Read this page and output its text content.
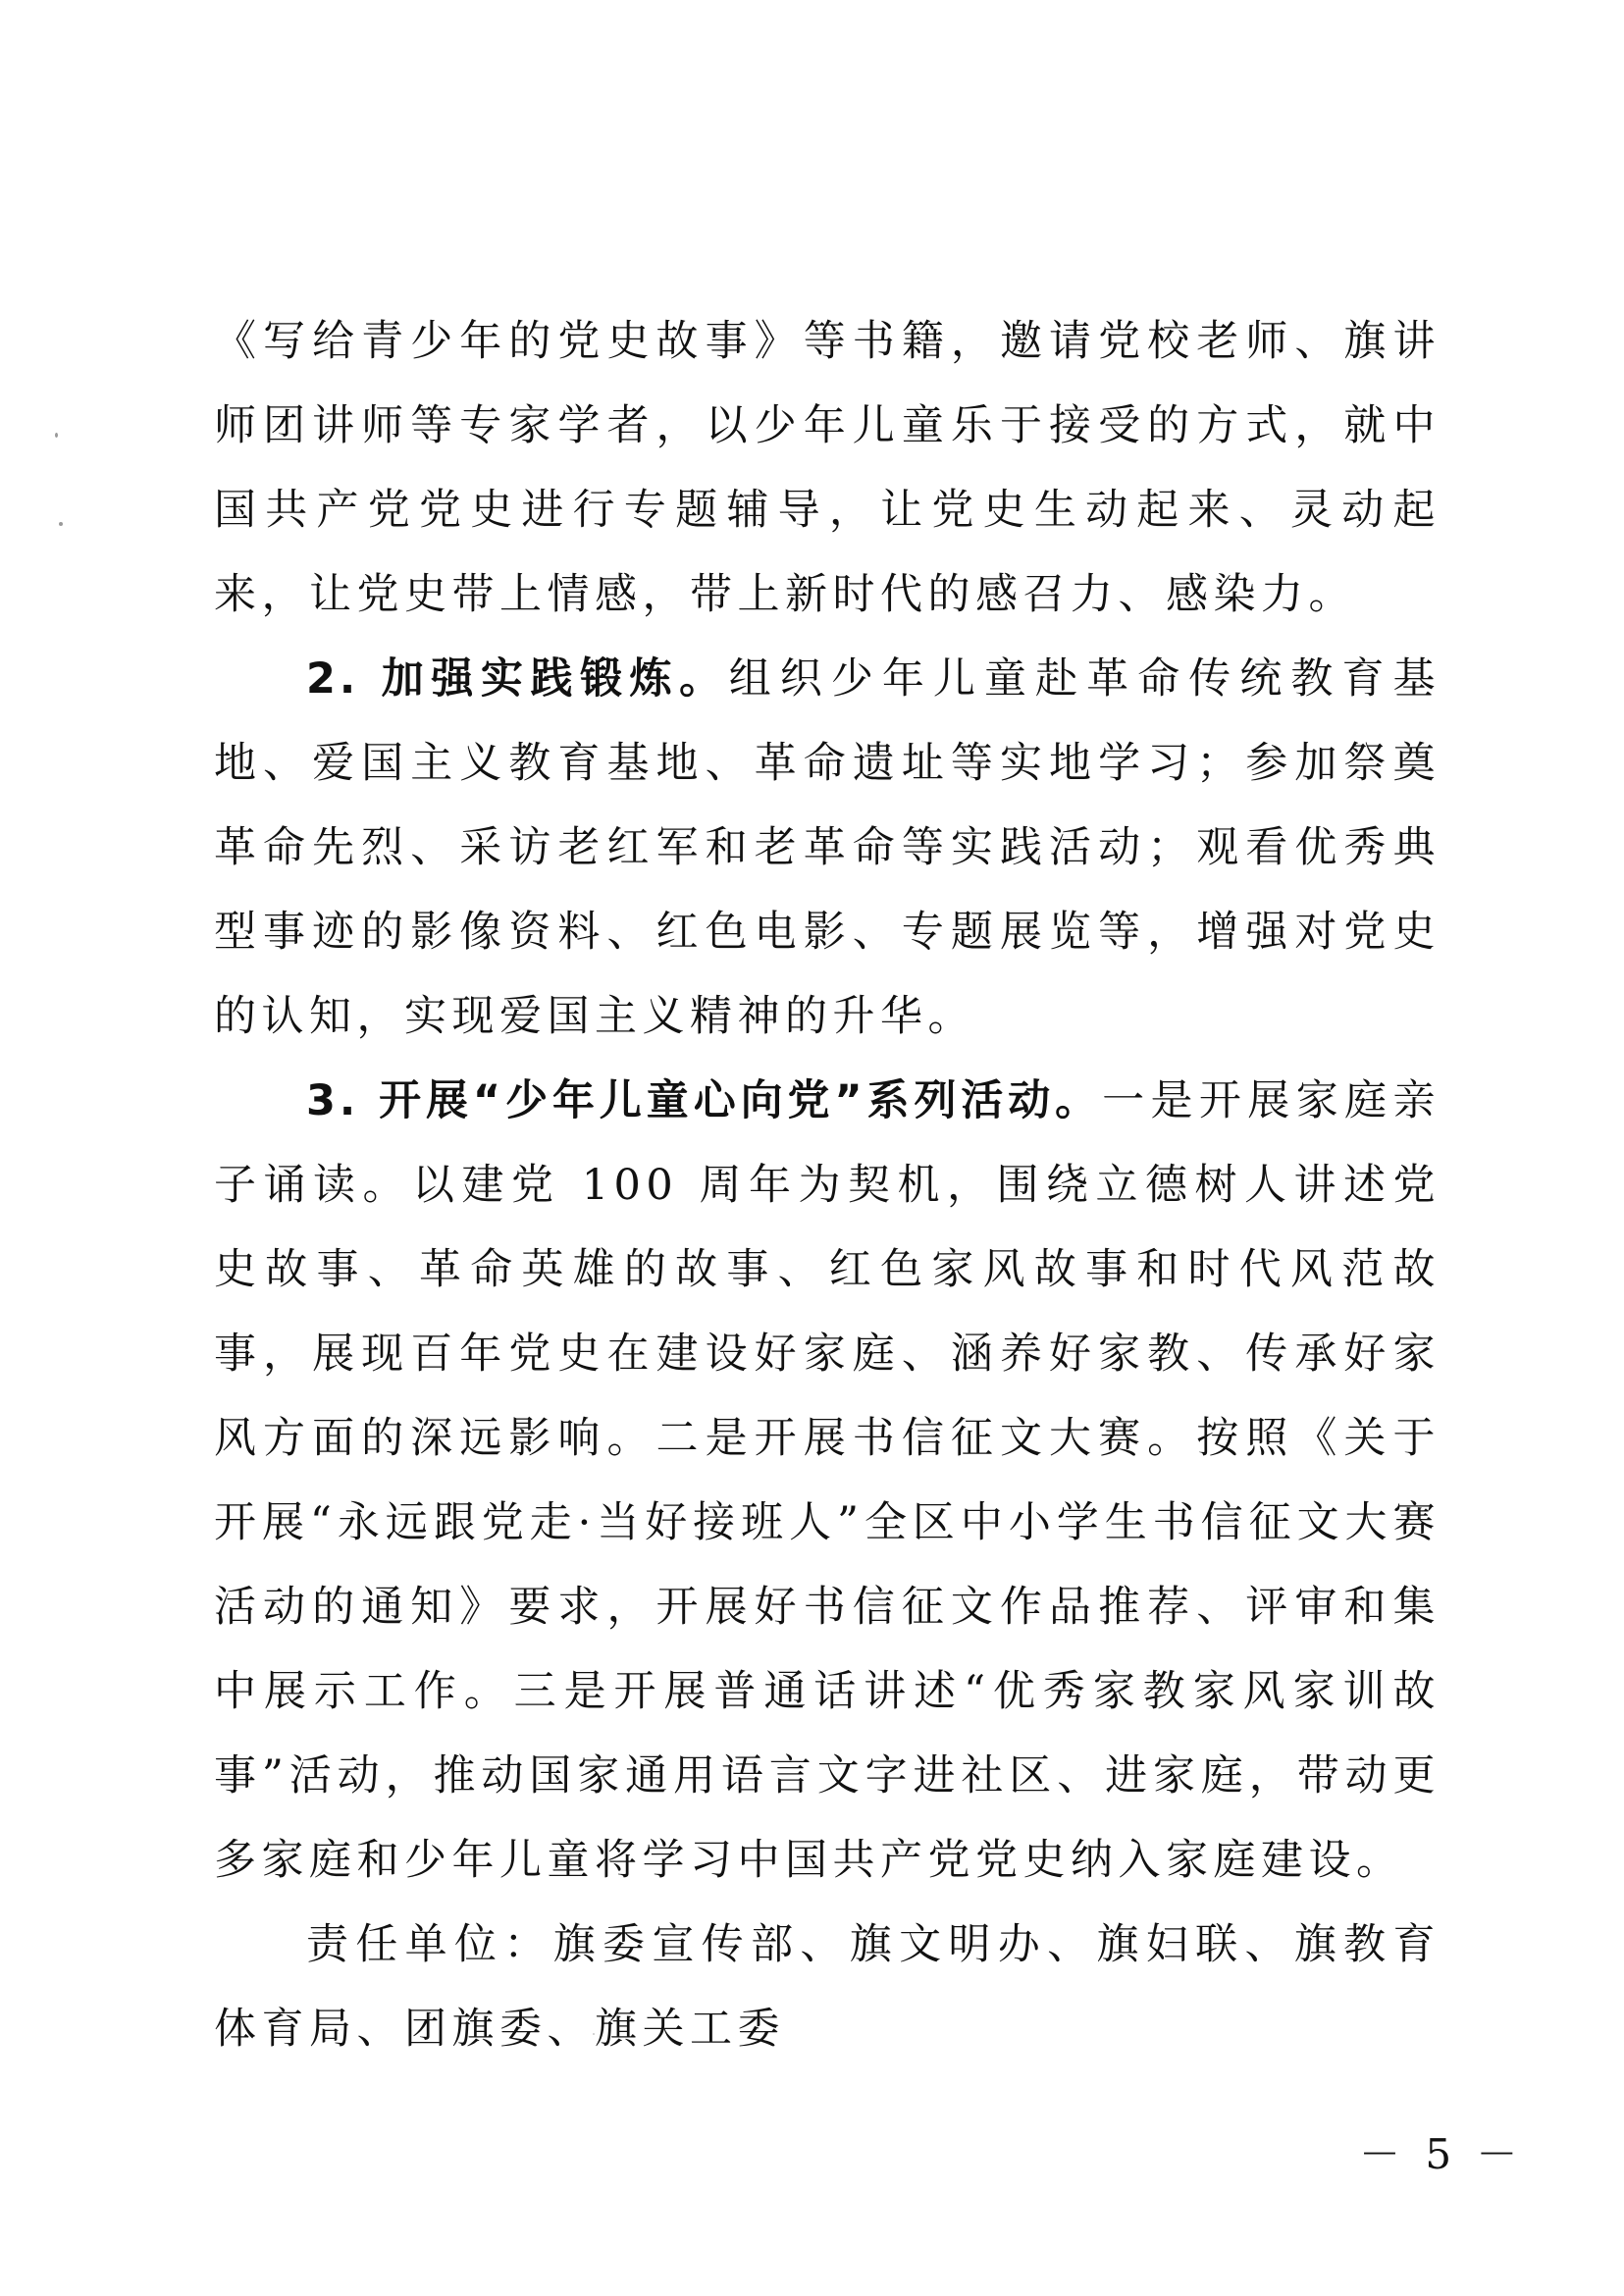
《写给青少年的党史故事》等书籍，邀请党校老师、旗讲师团讲师等专家学者，以少年儿童乐于接受的方式，就中国共产党党史进行专题辅导，让党史生动起来、灵动起来，让党史带上情感，带上新时代的感召力、感染力。

2. 加强实践锻炼。组织少年儿童赴革命传统教育基地、爱国主义教育基地、革命遗址等实地学习；参加祭奠革命先烈、采访老红军和老革命等实践活动；观看优秀典型事迹的影像资料、红色电影、专题展览等，增强对党史的认知，实现爱国主义精神的升华。

3. 开展“少年儿童心向党”系列活动。一是开展家庭亲子诵读。以建党 100 周年为契机，围绕立德树人讲述党史故事、革命英雄的故事、红色家风故事和时代风范故事，展现百年党史在建设好家庭、涵养好家教、传承好家风方面的深远影响。二是开展书信征文大赛。按照《关于开展“永远跟党走·当好接班人”全区中小学生书信征文大赛活动的通知》要求，开展好书信征文作品推荐、评审和集中展示工作。三是开展普通话讲述“优秀家教家风家训故事”活动，推动国家通用语言文字进社区、进家庭，带动更多家庭和少年儿童将学习中国共产党党史纳入家庭建设。

责任单位：旗委宣传部、旗文明办、旗妇联、旗教育体育局、团旗委、旗关工委

－ 5 －
